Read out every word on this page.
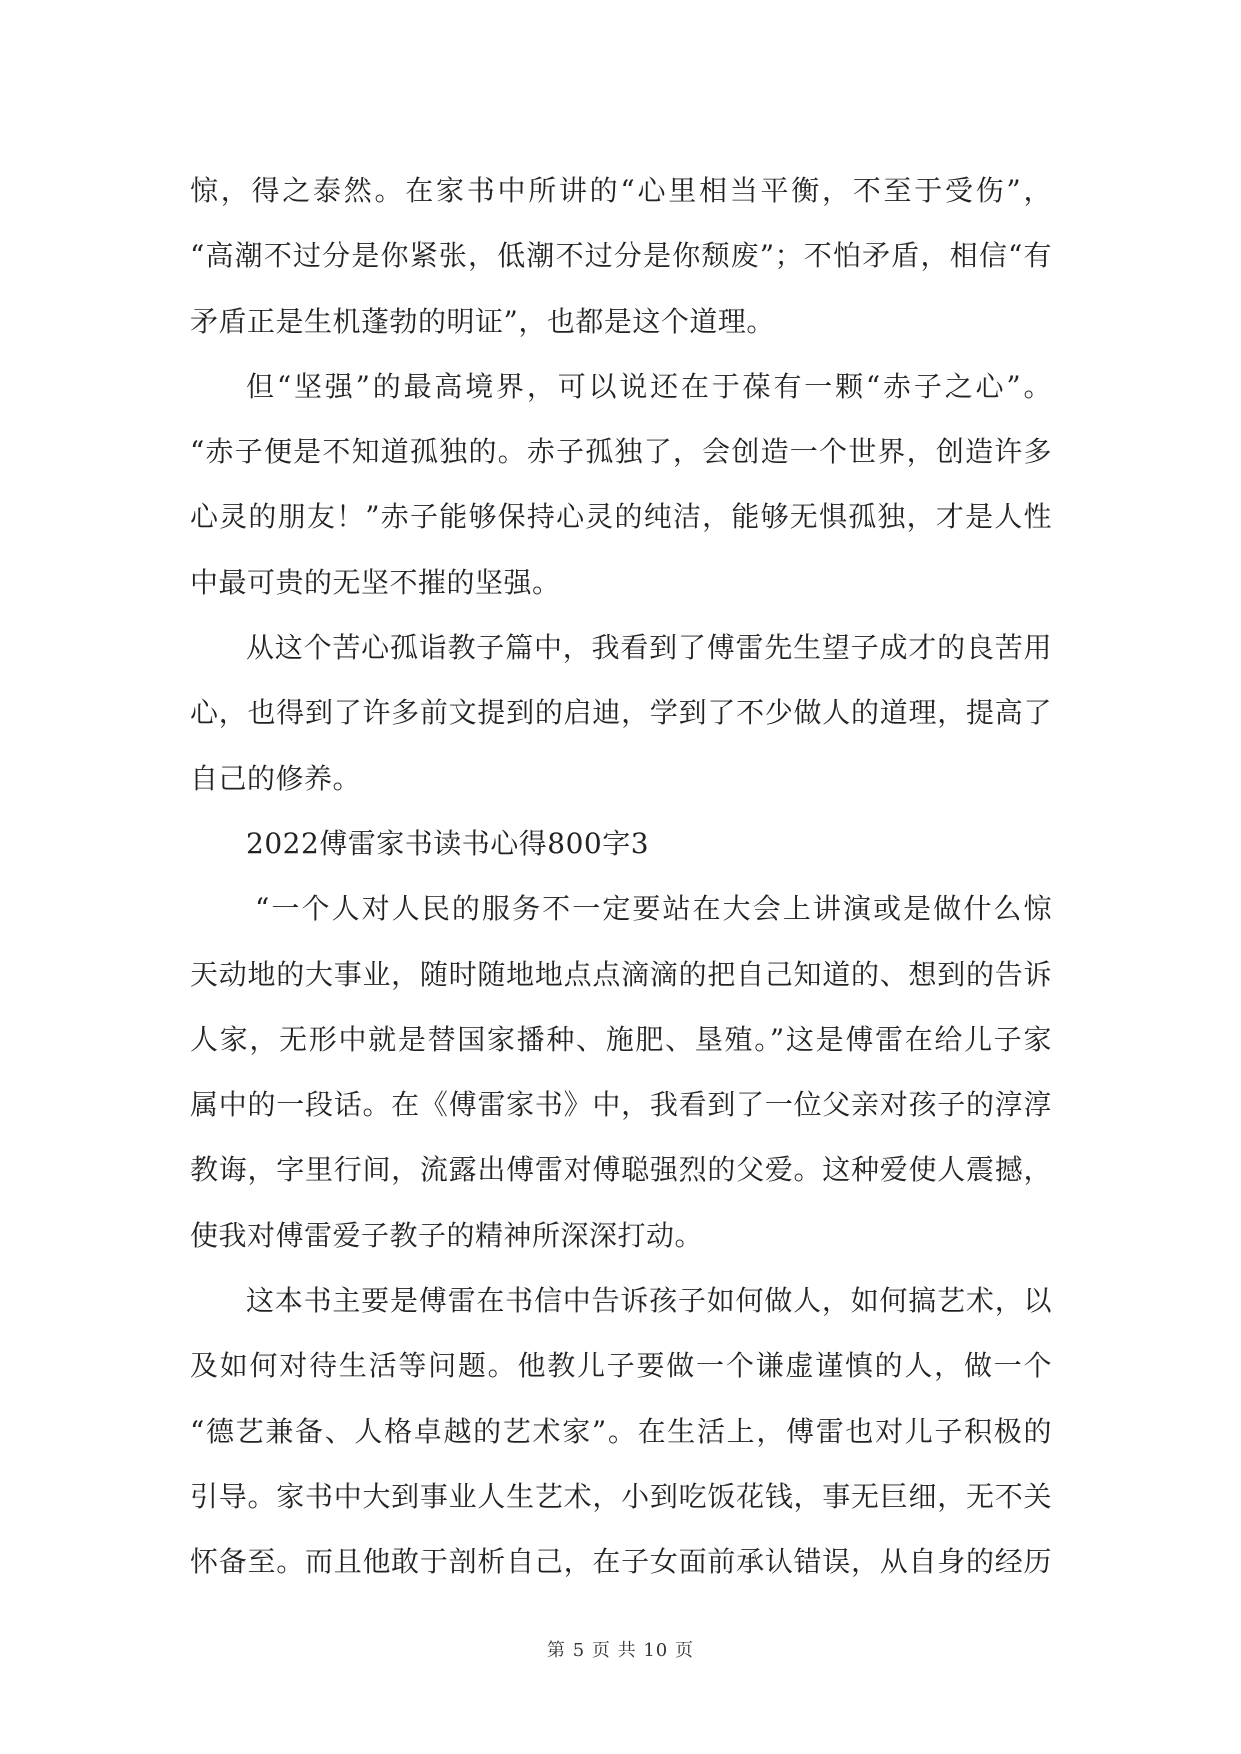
惊，得之泰然。在家书中所讲的“心里相当平衡，不至于受伤”，
“高潮不过分是你紧张，低潮不过分是你颓废”；不怕矛盾，相信“有
矛盾正是生机蓬勃的明证”，也都是这个道理。
但“坚强”的最高境界，可以说还在于葆有一颗“赤子之心”。
“赤子便是不知道孤独的。赤子孤独了，会创造一个世界，创造许多
心灵的朋友！”赤子能够保持心灵的纯洁，能够无惧孤独，才是人性
中最可贵的无坚不摧的坚强。
从这个苦心孤诣教子篇中，我看到了傅雷先生望子成才的良苦用
心，也得到了许多前文提到的启迪，学到了不少做人的道理，提高了
自己的修养。
2022傅雷家书读书心得800字3
“一个人对人民的服务不一定要站在大会上讲演或是做什么惊
天动地的大事业，随时随地地点点滴滴的把自己知道的、想到的告诉
人家，无形中就是替国家播种、施肥、垦殖。”这是傅雷在给儿子家
属中的一段话。在《傅雷家书》中，我看到了一位父亲对孩子的淳淳
教诲，字里行间，流露出傅雷对傅聪强烈的父爱。这种爱使人震撼，
使我对傅雷爱子教子的精神所深深打动。
这本书主要是傅雷在书信中告诉孩子如何做人，如何搞艺术，以
及如何对待生活等问题。他教儿子要做一个谦虚谨慎的人，做一个
“德艺兼备、人格卓越的艺术家”。在生活上，傅雷也对儿子积极的
引导。家书中大到事业人生艺术，小到吃饭花钱，事无巨细，无不关
怀备至。而且他敢于剖析自己，在子女面前承认错误，从自身的经历
第 5 页 共 10 页
